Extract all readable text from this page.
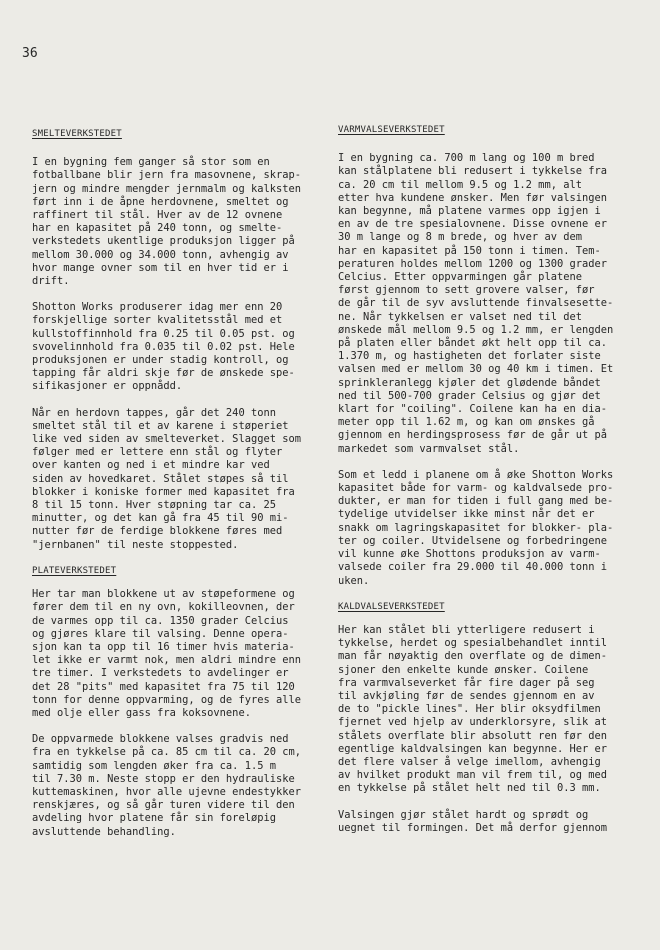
36
SMELTEVERKSTEDET

I en bygning fem ganger så stor som en
fotballbane blir jern fra masovnene, skrap-
jern og mindre mengder jernmalm og kalksten
ført inn i de åpne herdovnene, smeltet og
raffinert til stål. Hver av de 12 ovnene
har en kapasitet på 240 tonn, og smelte-
verkstedets ukentlige produksjon ligger på
mellom 30.000 og 34.000 tonn, avhengig av
hvor mange ovner som til en hver tid er i
drift.

Shotton Works produserer idag mer enn 20
forskjellige sorter kvalitetsstål med et
kullstoffinnhold fra 0.25 til 0.05 pst. og
svovelinnhold fra 0.035 til 0.02 pst. Hele
produksjonen er under stadig kontroll, og
tapping får aldri skje før de ønskede spe-
sifikasjoner er oppnådd.

Når en herdovn tappes, går det 240 tonn
smeltet stål til et av karene i støperiet
like ved siden av smelteverket. Slagget som
følger med er lettere enn stål og flyter
over kanten og ned i et mindre kar ved
siden av hovedkaret. Stålet støpes så til
blokker i koniske former med kapasitet fra
8 til 15 tonn. Hver støpning tar ca. 25
minutter, og det kan gå fra 45 til 90 mi-
nutter før de ferdige blokkene føres med
"jernbanen" til neste stoppested.

PLATEVERKSTEDET

Her tar man blokkene ut av støpeformene og
fører dem til en ny ovn, kokilleovnen, der
de varmes opp til ca. 1350 grader Celcius
og gjøres klare til valsing. Denne opera-
sjon kan ta opp til 16 timer hvis materia-
let ikke er varmt nok, men aldri mindre enn
tre timer. I verkstedets to avdelinger er
det 28 "pits" med kapasitet fra 75 til 120
tonn for denne oppvarming, og de fyres alle
med olje eller gass fra koksovnene.

De oppvarmede blokkene valses gradvis ned
fra en tykkelse på ca. 85 cm til ca. 20 cm,
samtidig som lengden øker fra ca. 1.5 m
til 7.30 m. Neste stopp er den hydrauliske
kuttemaskinen, hvor alle ujevne endestykker
renskjæres, og så går turen videre til den
avdeling hvor platene får sin foreløpig
avsluttende behandling.

VARMVALSEVERKSTEDET

I en bygning ca. 700 m lang og 100 m bred
kan stålplatene bli redusert i tykkelse fra
ca. 20 cm til mellom 9.5 og 1.2 mm, alt
etter hva kundene ønsker. Men før valsingen
kan begynne, må platene varmes opp igjen i
en av de tre spesialovnene. Disse ovnene er
30 m lange og 8 m brede, og hver av dem
har en kapasitet på 150 tonn i timen. Tem-
peraturen holdes mellom 1200 og 1300 grader
Celcius. Etter oppvarmingen går platene
først gjennom to sett grovere valser, før
de går til de syv avsluttende finvalsesette-
ne. Når tykkelsen er valset ned til det
ønskede mål mellom 9.5 og 1.2 mm, er lengden
på platen eller båndet økt helt opp til ca.
1.370 m, og hastigheten det forlater siste
valsen med er mellom 30 og 40 km i timen. Et
sprinkleranlegg kjøler det glødende båndet
ned til 500-700 grader Celsius og gjør det
klart for "coiling". Coilene kan ha en dia-
meter opp til 1.62 m, og kan om ønskes gå
gjennom en herdingsprosess før de går ut på
markedet som varmvalset stål.

Som et ledd i planene om å øke Shotton Works
kapasitet både for varm- og kaldvalsede pro-
dukter, er man for tiden i full gang med be-
tydelige utvidelser ikke minst når det er
snakk om lagringskapasitet for blokker- pla-
ter og coiler. Utvidelsene og forbedringene
vil kunne øke Shottons produksjon av varm-
valsede coiler fra 29.000 til 40.000 tonn i
uken.

KALDVALSEVERKSTEDET

Her kan stålet bli ytterligere redusert i
tykkelse, herdet og spesialbehandlet inntil
man får nøyaktig den overflate og de dimen-
sjoner den enkelte kunde ønsker. Coilene
fra varmvalseverket får fire dager på seg
til avkjøling før de sendes gjennom en av
de to "pickle lines". Her blir oksydfilmen
fjernet ved hjelp av underklorsyre, slik at
stålets overflate blir absolutt ren før den
egentlige kaldvalsingen kan begynne. Her er
det flere valser å velge imellom, avhengig
av hvilket produkt man vil frem til, og med
en tykkelse på stålet helt ned til 0.3 mm.

Valsingen gjør stålet hardt og sprødt og
uegnet til formingen. Det må derfor gjennom
